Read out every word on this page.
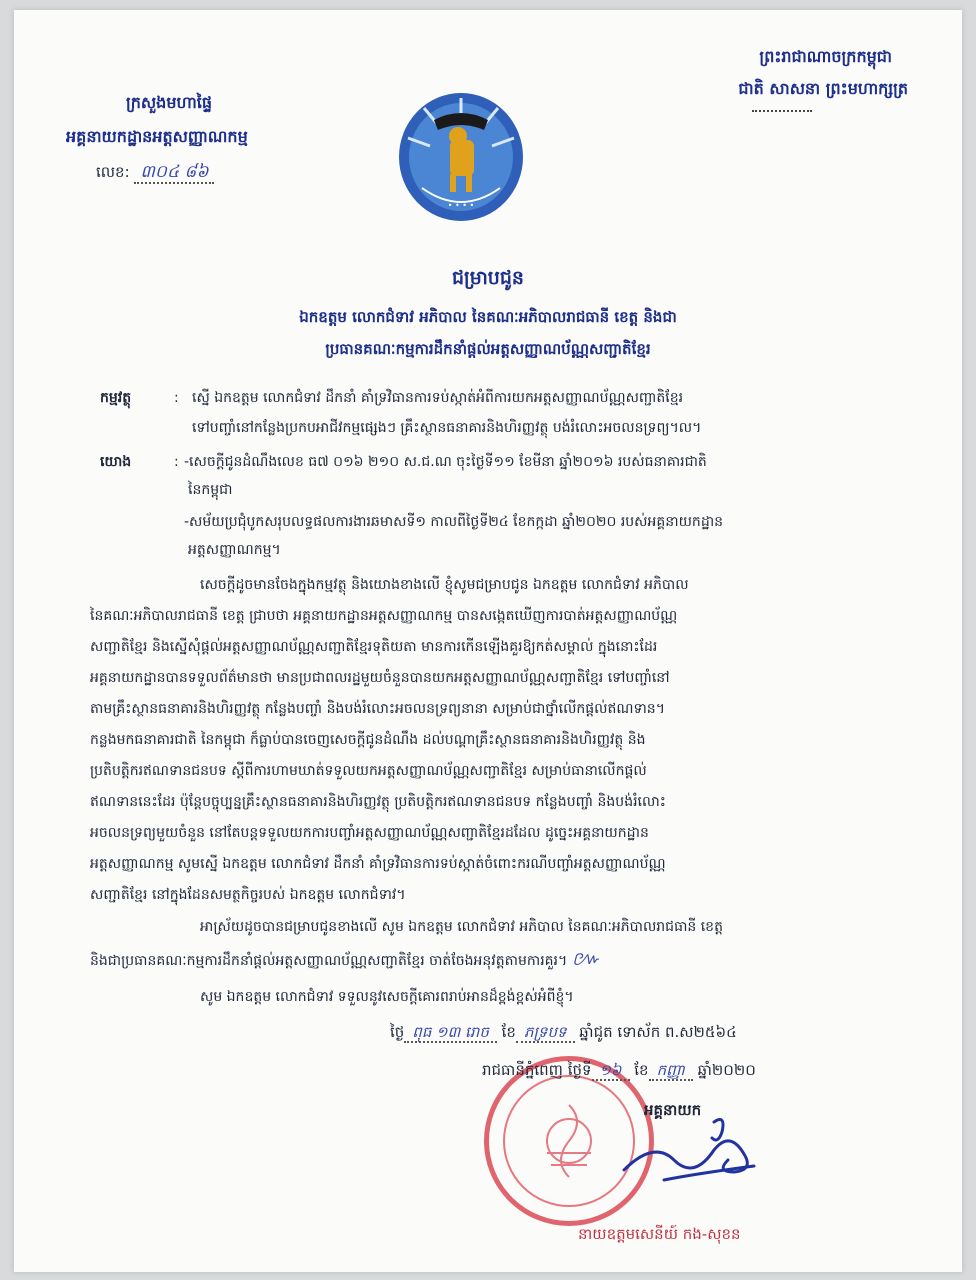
ព្រះរាជាណាចក្រកម្ពុជា
ជាតិ សាសនា ព្រះមហាក្សត្រ
ក្រសួងមហាផ្ទៃ
អគ្គនាយកដ្ឋានអត្តសញ្ញាណកម្ម
លេខ: ៣០៤ ៨៦
• • • •
ជម្រាបជូន
ឯកឧត្តម លោកជំទាវ អភិបាល នៃគណៈអភិបាលរាជធានី ខេត្ត និងជា
ប្រធានគណៈកម្មការដឹកនាំផ្តល់អត្តសញ្ញាណប័ណ្ណសញ្ជាតិខ្មែរ
កម្មវត្ថុ	: ស្នើ ឯកឧត្តម លោកជំទាវ ដឹកនាំ គាំទ្រវិធានការទប់ស្កាត់អំពីការយកអត្តសញ្ញាណប័ណ្ណសញ្ជាតិខ្មែរ
ទៅបញ្ចាំនៅកន្លែងប្រកបអាជីវកម្មផ្សេងៗ គ្រឹះស្ថានធនាគារនិងហិរញ្ញវត្ថុ បង់រំលោះអចលនទ្រព្យ។ល។
យោង	: -សេចក្តីជូនដំណឹងលេខ ធ៧ ០១៦ ២១០ ស.ជ.ណ ចុះថ្ងៃទី១១ ខែមីនា ឆ្នាំ២០១៦ របស់ធនាគារជាតិ
នៃកម្ពុជា
-សម័យប្រជុំបូកសរុបលទ្ធផលការងារឆមាសទី១ កាលពីថ្ងៃទី២៤ ខែកក្កដា ឆ្នាំ២០២០ របស់អគ្គនាយកដ្ឋាន
អត្តសញ្ញាណកម្ម។
សេចក្តីដូចមានចែងក្នុងកម្មវត្ថុ និងយោងខាងលើ ខ្ញុំសូមជម្រាបជូន ឯកឧត្តម លោកជំទាវ អភិបាល
នៃគណៈអភិបាលរាជធានី ខេត្ត ជ្រាបថា អគ្គនាយកដ្ឋានអត្តសញ្ញាណកម្ម បានសង្កេតឃើញការបាត់អត្តសញ្ញាណប័ណ្ណ
សញ្ជាតិខ្មែរ និងស្នើសុំផ្តល់អត្តសញ្ញាណប័ណ្ណសញ្ជាតិខ្មែរទុតិយតា មានការកើនឡើងគួរឱ្យកត់សម្គាល់ ក្នុងនោះដែរ
អគ្គនាយកដ្ឋានបានទទួលព័ត៌មានថា មានប្រជាពលរដ្ឋមួយចំនួនបានយកអត្តសញ្ញាណប័ណ្ណសញ្ជាតិខ្មែរ ទៅបញ្ចាំនៅ
តាមគ្រឹះស្ថានធនាគារនិងហិរញ្ញវត្ថុ កន្លែងបញ្ចាំ និងបង់រំលោះអចលនទ្រព្យនានា សម្រាប់ជាថ្នាំលើកផ្តល់ឥណទាន។
កន្លងមកធនាគារជាតិ នៃកម្ពុជា ក៏ធ្លាប់បានចេញសេចក្តីជូនដំណឹង ដល់បណ្តាគ្រឹះស្ថានធនាគារនិងហិរញ្ញវត្ថុ និង
ប្រតិបត្តិករឥណទានជនបទ ស្តីពីការហាមឃាត់ទទួលយកអត្តសញ្ញាណប័ណ្ណសញ្ជាតិខ្មែរ សម្រាប់ធានាលើកផ្តល់
ឥណទាននេះដែរ ប៉ុន្តែបច្ចុប្បន្នគ្រឹះស្ថានធនាគារនិងហិរញ្ញវត្ថុ ប្រតិបត្តិករឥណទានជនបទ កន្លែងបញ្ចាំ និងបង់រំលោះ
អចលនទ្រព្យមួយចំនួន នៅតែបន្តទទួលយកការបញ្ចាំអត្តសញ្ញាណប័ណ្ណសញ្ជាតិខ្មែរដដែល ដូច្នេះអគ្គនាយកដ្ឋាន
អត្តសញ្ញាណកម្ម សូមស្នើ ឯកឧត្តម លោកជំទាវ ដឹកនាំ គាំទ្រវិធានការទប់ស្កាត់ចំពោះករណីបញ្ចាំអត្តសញ្ញាណប័ណ្ណ
សញ្ជាតិខ្មែរ នៅក្នុងដែនសមត្ថកិច្ចរបស់ ឯកឧត្តម លោកជំទាវ។
អាស្រ័យដូចបានជម្រាបជូនខាងលើ សូម ឯកឧត្តម លោកជំទាវ អភិបាល នៃគណៈអភិបាលរាជធានី ខេត្ត
និងជាប្រធានគណៈកម្មការដឹកនាំផ្តល់អត្តសញ្ញាណប័ណ្ណសញ្ជាតិខ្មែរ ចាត់ចែងអនុវត្តតាមការគួរ។ ៚
សូម ឯកឧត្តម លោកជំទាវ ទទួលនូវសេចក្តីគោរពរាប់អានដ៏ខ្ពង់ខ្ពស់អំពីខ្ញុំ។
ថ្ងៃ ពុធ ១៣ រោច ខែ ភទ្របទ ឆ្នាំជូត ទោស័ក ព.ស២៥៦៤
រាជធានីភ្នំពេញ ថ្ងៃទី ១៦ ខែ កញ្ញា ឆ្នាំ២០២០
អគ្គនាយក
នាយឧត្តមសេនីយ៍ កង-សុខន
